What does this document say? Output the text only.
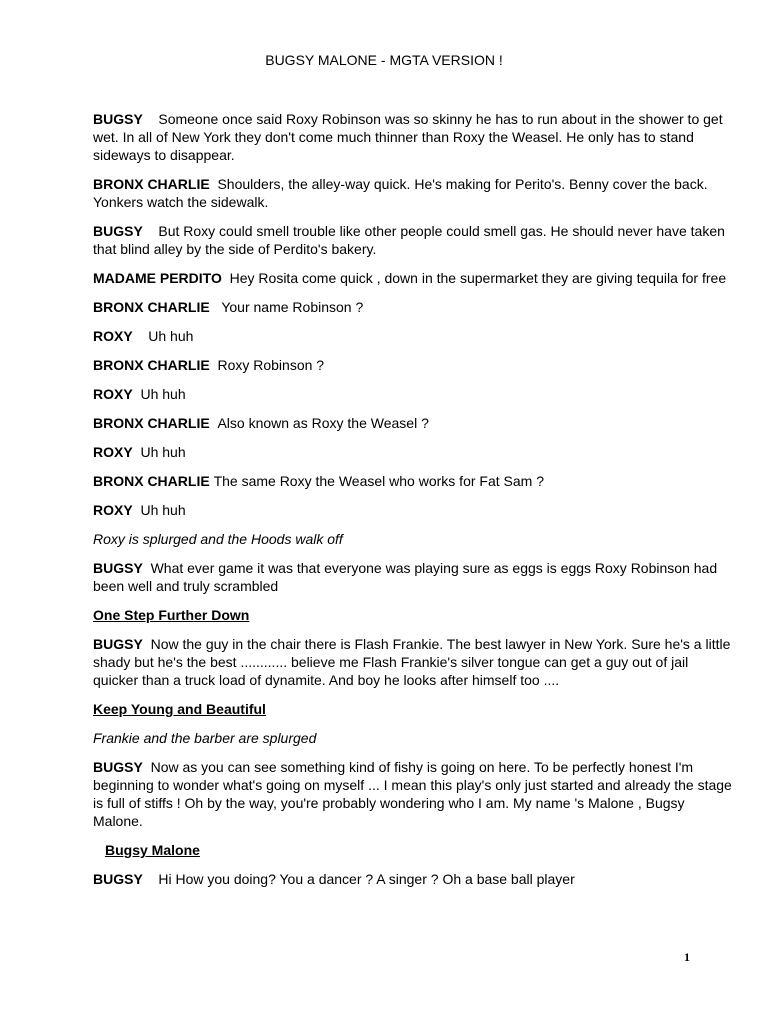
BUGSY MALONE - MGTA VERSION !

BUGSY Someone once said Roxy Robinson was so skinny he has to run about in the shower to get wet. In all of New York they don't come much thinner than Roxy the Weasel. He only has to stand sideways to disappear.

BRONX CHARLIE Shoulders, the alley-way quick. He's making for Perito's. Benny cover the back. Yonkers watch the sidewalk.

BUGSY But Roxy could smell trouble like other people could smell gas. He should never have taken that blind alley by the side of Perdito's bakery.

MADAME PERDITO Hey Rosita come quick , down in the supermarket they are giving tequila for free

BRONX CHARLIE Your name Robinson ?

ROXY Uh huh

BRONX CHARLIE Roxy Robinson ?

ROXY Uh huh

BRONX CHARLIE Also known as Roxy the Weasel ?

ROXY Uh huh

BRONX CHARLIE The same Roxy the Weasel who works for Fat Sam ?

ROXY Uh huh

Roxy is splurged and the Hoods walk off

BUGSY What ever game it was that everyone was playing sure as eggs is eggs Roxy Robinson had been well and truly scrambled

One Step Further Down

BUGSY Now the guy in the chair there is Flash Frankie. The best lawyer in New York. Sure he's a little shady but he's the best ............ believe me Flash Frankie's silver tongue can get a guy out of jail quicker than a truck load of dynamite. And boy he looks after himself too ....

Keep Young and Beautiful

Frankie and the barber are splurged

BUGSY Now as you can see something kind of fishy is going on here. To be perfectly honest I'm beginning to wonder what's going on myself ... I mean this play's only just started and already the stage is full of stiffs ! Oh by the way, you're probably wondering who I am. My name 's Malone , Bugsy Malone.

Bugsy Malone

BUGSY Hi How you doing? You a dancer ? A singer ? Oh a base ball player

1
